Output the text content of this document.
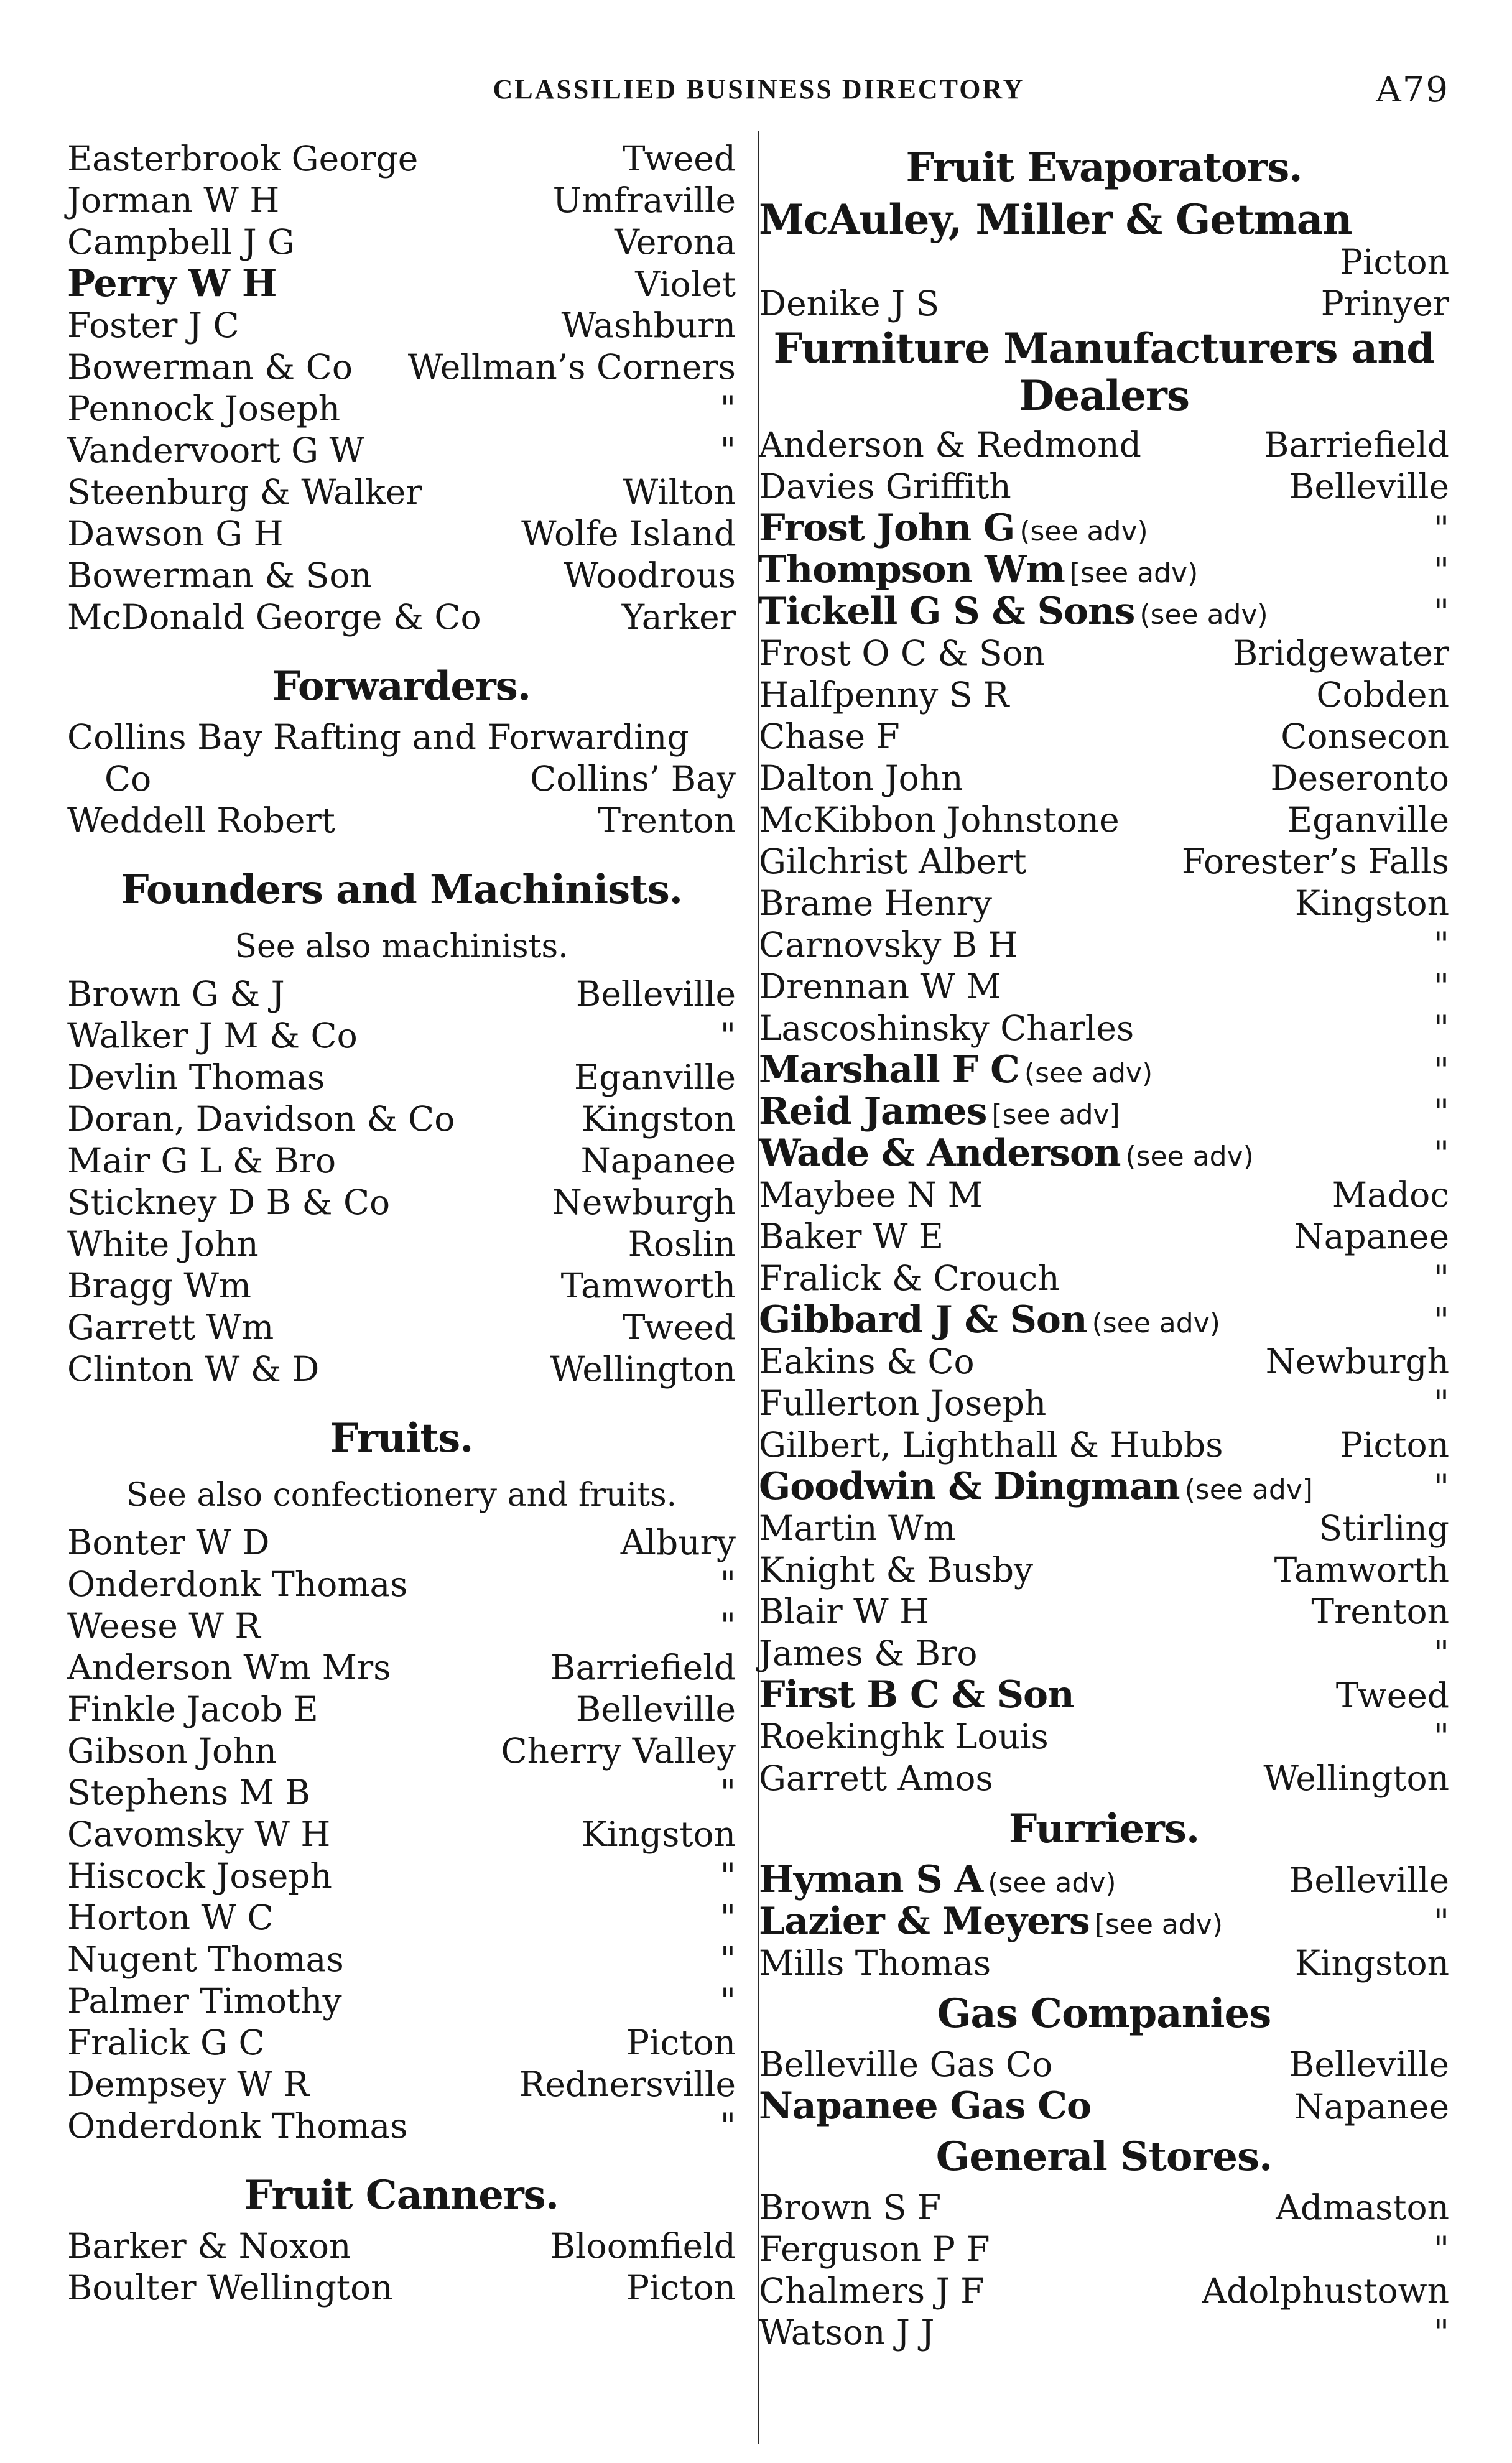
CLASSILIED BUSINESS DIRECTORY	A79
Easterbrook George	Tweed
Jorman W H	Umfraville
Campbell J G	Verona
Perry W H	Violet
Foster J C	Washburn
Bowerman & Co Wellman’s Corners
Pennock Joseph	"
Vandervoort G W	"
Steenburg & Walker	Wilton
Dawson G H	Wolfe Island
Bowerman & Son	Woodrous
McDonald George & Co	Yarker
Forwarders.
Collins Bay Rafting and Forwarding
Co	Collins’ Bay
Weddell Robert	Trenton
Founders and Machinists.
See also machinists.
Brown G & J	Belleville
Walker J M & Co	"
Devlin Thomas	Eganville
Doran, Davidson & Co	Kingston
Mair G L & Bro	Napanee
Stickney D B & Co	Newburgh
White John	Roslin
Bragg Wm	Tamworth
Garrett Wm	Tweed
Clinton W & D	Wellington
Fruits.
See also confectionery and fruits.
Bonter W D	Albury
Onderdonk Thomas	"
Weese W R	"
Anderson Wm Mrs	Barriefield
Finkle Jacob E	Belleville
Gibson John	Cherry Valley
Stephens M B	"
Cavomsky W H	Kingston
Hiscock Joseph	"
Horton W C	"
Nugent Thomas	"
Palmer Timothy	"
Fralick G C	Picton
Dempsey W R	Rednersville
Onderdonk Thomas	"
Fruit Canners.
Barker & Noxon	Bloomfield
Boulter Wellington	Picton
Fruit Evaporators.
McAuley, Miller & Getman
Picton
Denike J S	Prinyer
Furniture Manufacturers and
Dealers
Anderson & Redmond	Barriefield
Davies Griffith	Belleville
Frost John G (see adv)	"
Thompson Wm [see adv)	"
Tickell G S & Sons (see adv)	"
Frost O C & Son	Bridgewater
Halfpenny S R	Cobden
Chase F	Consecon
Dalton John	Deseronto
McKibbon Johnstone	Eganville
Gilchrist Albert	Forester’s Falls
Brame Henry	Kingston
Carnovsky B H	"
Drennan W M	"
Lascoshinsky Charles	"
Marshall F C (see adv)	"
Reid James [see adv]	"
Wade & Anderson (see adv)	"
Maybee N M	Madoc
Baker W E	Napanee
Fralick & Crouch	"
Gibbard J & Son (see adv)	"
Eakins & Co	Newburgh
Fullerton Joseph	"
Gilbert, Lighthall & Hubbs	Picton
Goodwin & Dingman (see adv]	"
Martin Wm	Stirling
Knight & Busby	Tamworth
Blair W H	Trenton
James & Bro	"
First B C & Son	Tweed
Roekinghk Louis	"
Garrett Amos	Wellington
Furriers.
Hyman S A (see adv)	Belleville
Lazier & Meyers [see adv)	"
Mills Thomas	Kingston
Gas Companies
Belleville Gas Co	Belleville
Napanee Gas Co	Napanee
General Stores.
Brown S F	Admaston
Ferguson P F	"
Chalmers J F	Adolphustown
Watson J J	"
